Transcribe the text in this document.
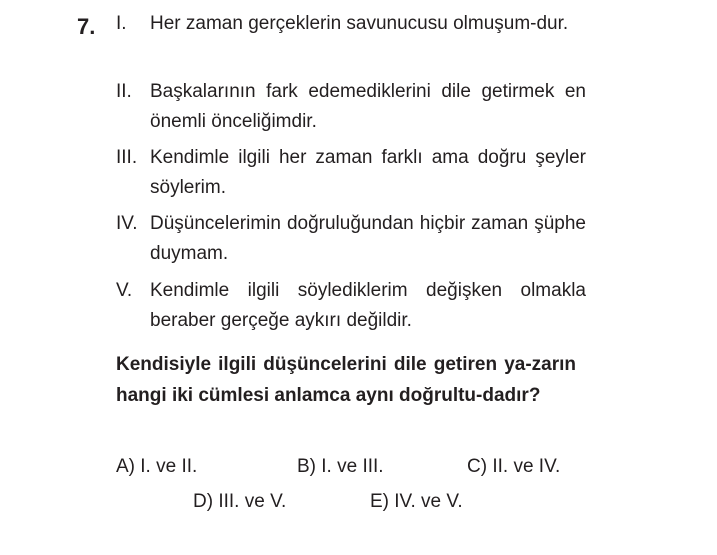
7. I. Her zaman gerçeklerin savunucusu olmuşum-dur.
II. Başkalarının fark edemediklerini dile getirmek en önemli önceliğimdir.
III. Kendimle ilgili her zaman farklı ama doğru şeyler söylerim.
IV. Düşüncelerimin doğruluğundan hiçbir zaman şüphe duymam.
V. Kendimle ilgili söylediklerim değişken olmakla beraber gerçeğe aykırı değildir.
Kendisiyle ilgili düşüncelerini dile getiren ya-zarın hangi iki cümlesi anlamca aynı doğrultu-dadır?
A) I. ve II.	B) I. ve III.	C) II. ve IV.
D) III. ve V.	E) IV. ve V.
